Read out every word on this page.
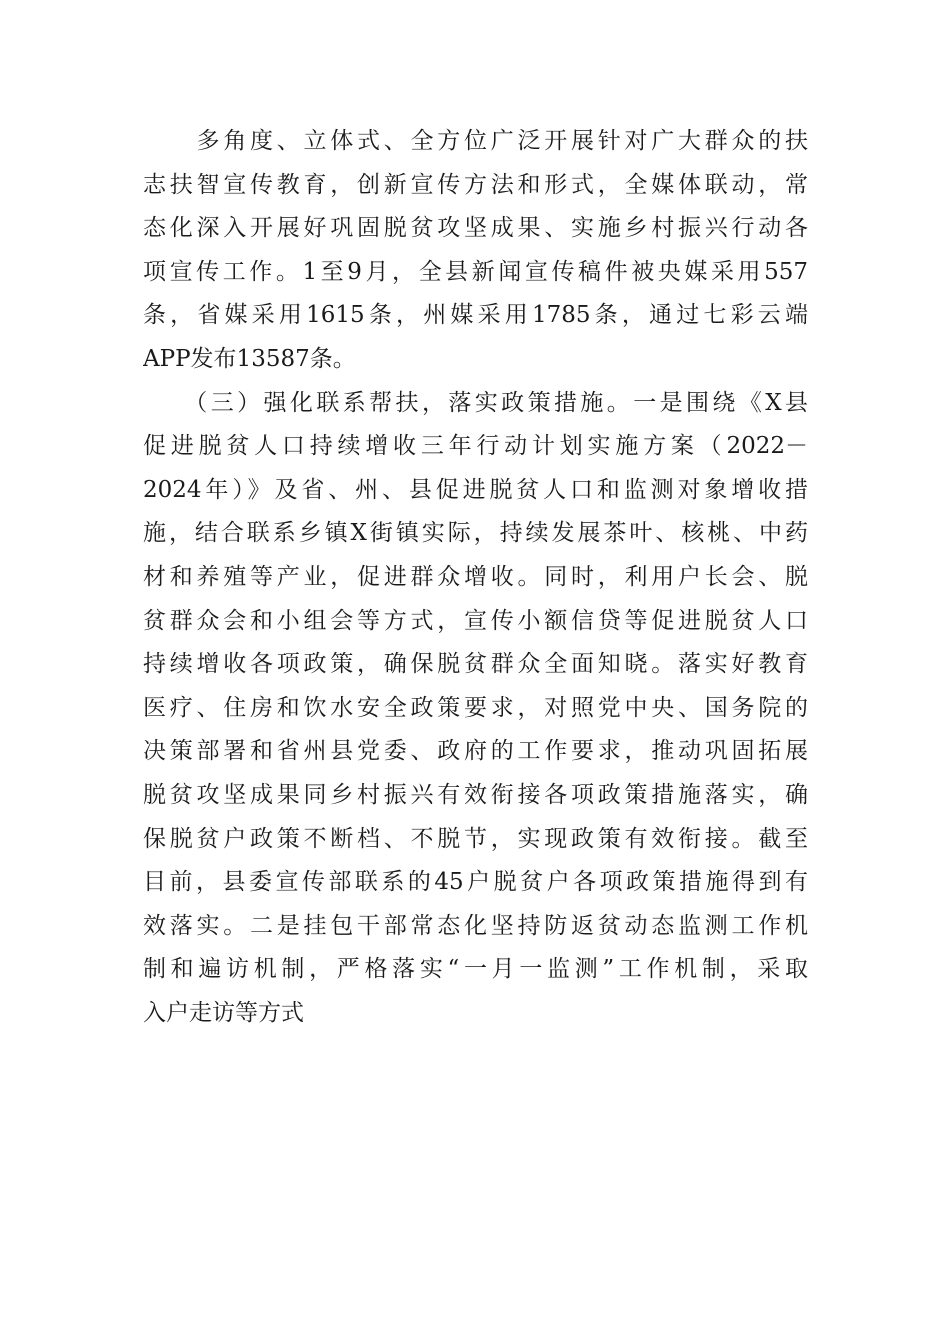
　　多角度、立体式、全方位广泛开展针对广大群众的扶
志扶智宣传教育，创新宣传方法和形式，全媒体联动，常
态化深入开展好巩固脱贫攻坚成果、实施乡村振兴行动各
项宣传工作。1至9月，全县新闻宣传稿件被央媒采用557
条，省媒采用1615条，州媒采用1785条，通过七彩云端
APP发布13587条。
　　（三）强化联系帮扶，落实政策措施。一是围绕《X县
促进脱贫人口持续增收三年行动计划实施方案（2022－
2024年）》及省、州、县促进脱贫人口和监测对象增收措
施，结合联系乡镇X街镇实际，持续发展茶叶、核桃、中药
材和养殖等产业，促进群众增收。同时，利用户长会、脱
贫群众会和小组会等方式，宣传小额信贷等促进脱贫人口
持续增收各项政策，确保脱贫群众全面知晓。落实好教育
医疗、住房和饮水安全政策要求，对照党中央、国务院的
决策部署和省州县党委、政府的工作要求，推动巩固拓展
脱贫攻坚成果同乡村振兴有效衔接各项政策措施落实，确
保脱贫户政策不断档、不脱节，实现政策有效衔接。截至
目前，县委宣传部联系的45户脱贫户各项政策措施得到有
效落实。二是挂包干部常态化坚持防返贫动态监测工作机
制和遍访机制，严格落实“一月一监测”工作机制，采取
入户走访等方式
